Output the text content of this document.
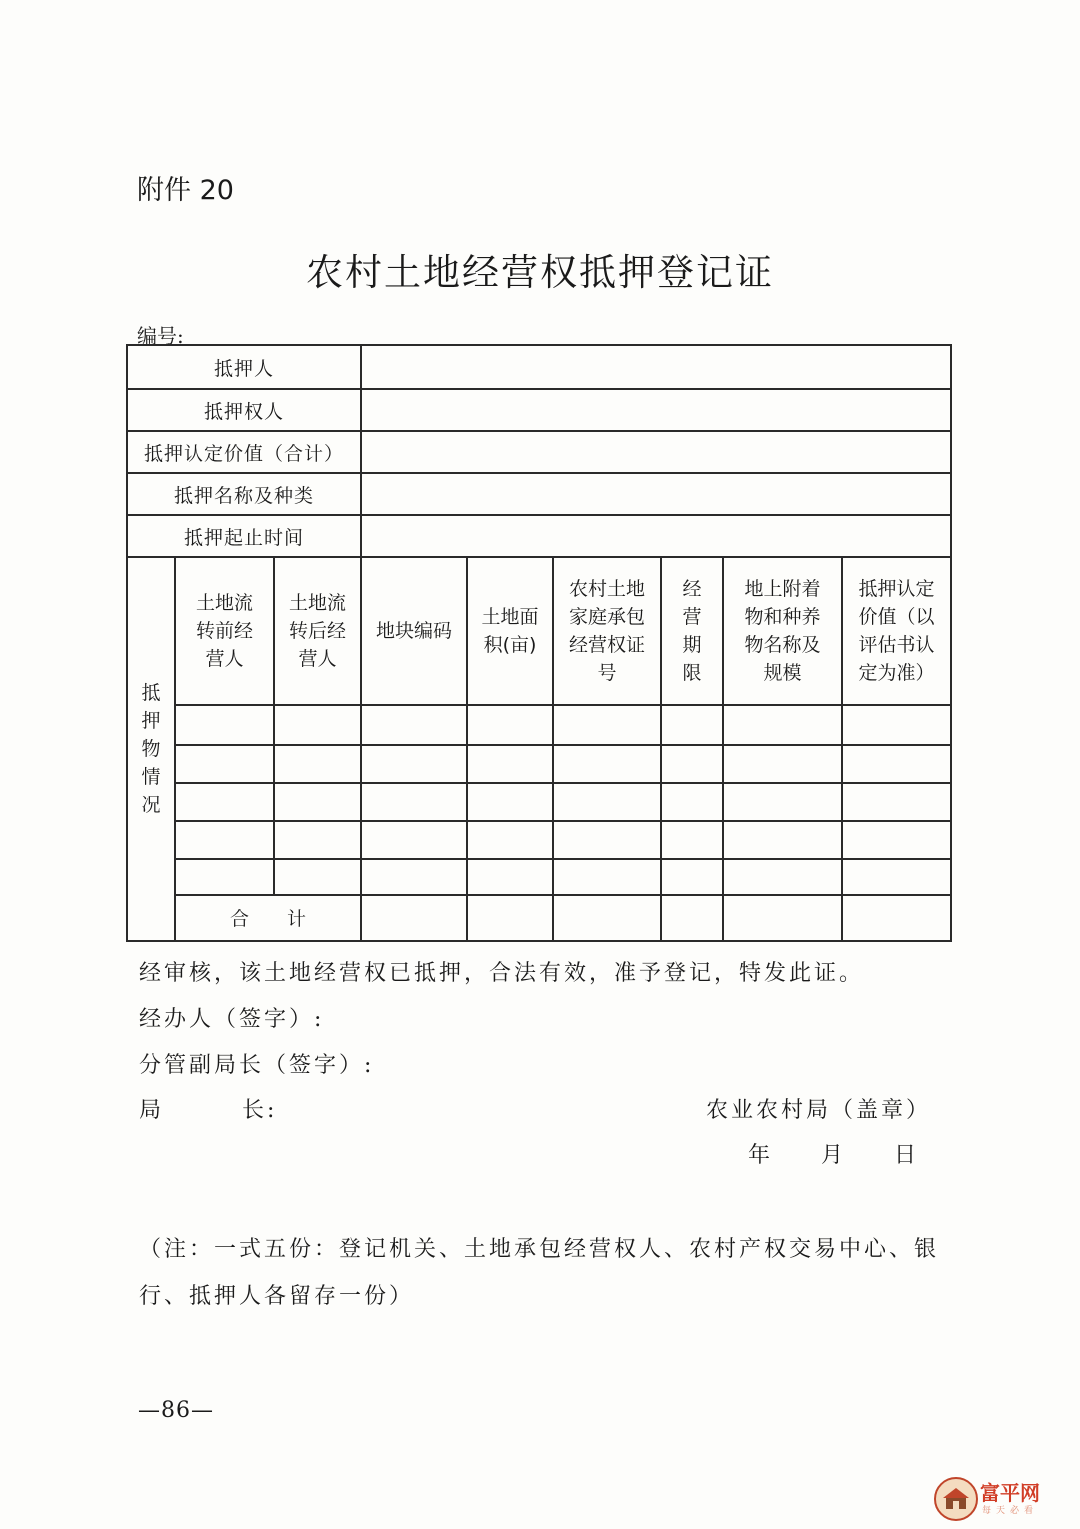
附件 20
农村土地经营权抵押登记证
编号:
抵押人								
抵押权人								
抵押认定价值（合计）								
抵押名称及种类								
抵押起止时间								
抵押物情况	土地流转前经营人	土地流转后经营人	地块编码	土地面积(亩)	农村土地家庭承包经营权证号	经营期限	地上附着物和种养物名称及规模	抵押认定价值（以评估书认定为准）

	合计							
经审核，该土地经营权已抵押，合法有效，准予登记，特发此证。
经办人（签字）:
分管副局长（签字）:
局	长:	农业农村局（盖章）
年 月 日
（注：一式五份：登记机关、土地承包经营权人、农村产权交易中心、银
行、抵押人各留存一份）
—86—
富平网
每天必看
